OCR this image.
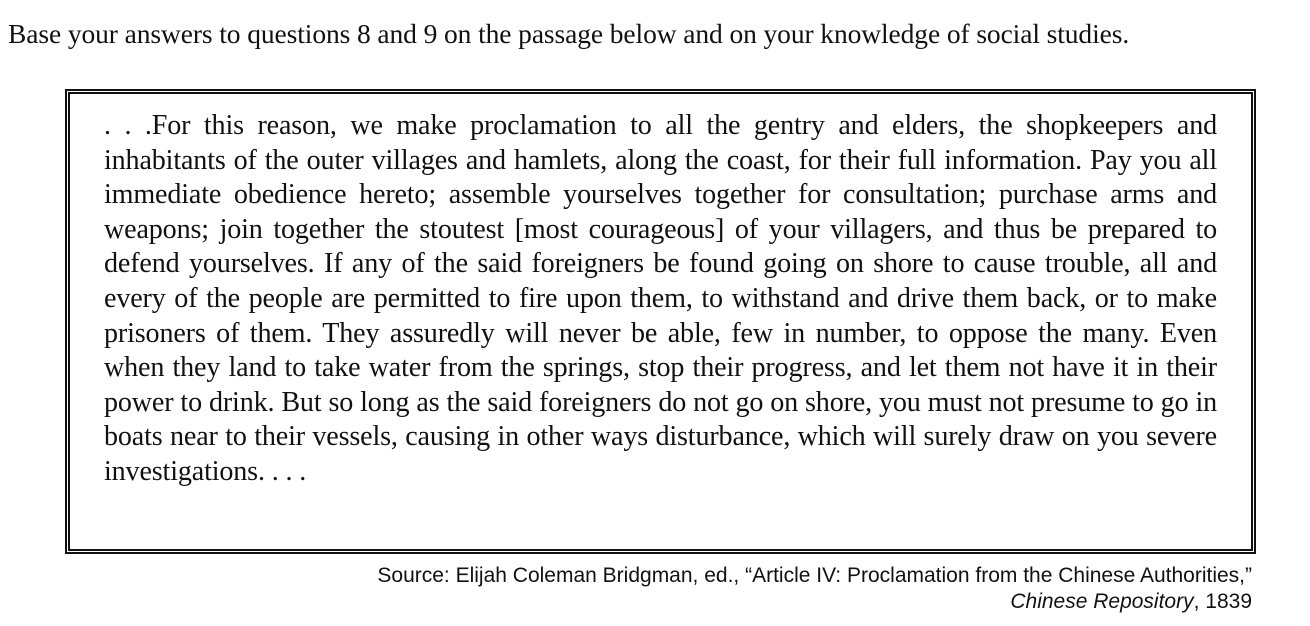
Base your answers to questions 8 and 9 on the passage below and on your knowledge of social studies.
. . .For this reason, we make proclamation to all the gentry and elders, the shopkeepers and inhabitants of the outer villages and hamlets, along the coast, for their full information. Pay you all immediate obedience hereto; assemble yourselves together for consultation; purchase arms and weapons; join together the stoutest [most courageous] of your villagers, and thus be prepared to defend yourselves. If any of the said foreigners be found going on shore to cause trouble, all and every of the people are permitted to fire upon them, to withstand and drive them back, or to make prisoners of them. They assuredly will never be able, few in number, to oppose the many. Even when they land to take water from the springs, stop their progress, and let them not have it in their power to drink. But so long as the said foreigners do not go on shore, you must not presume to go in boats near to their vessels, causing in other ways disturbance, which will surely draw on you severe investigations. . . .
Source: Elijah Coleman Bridgman, ed., “Article IV: Proclamation from the Chinese Authorities,”
Chinese Repository, 1839
